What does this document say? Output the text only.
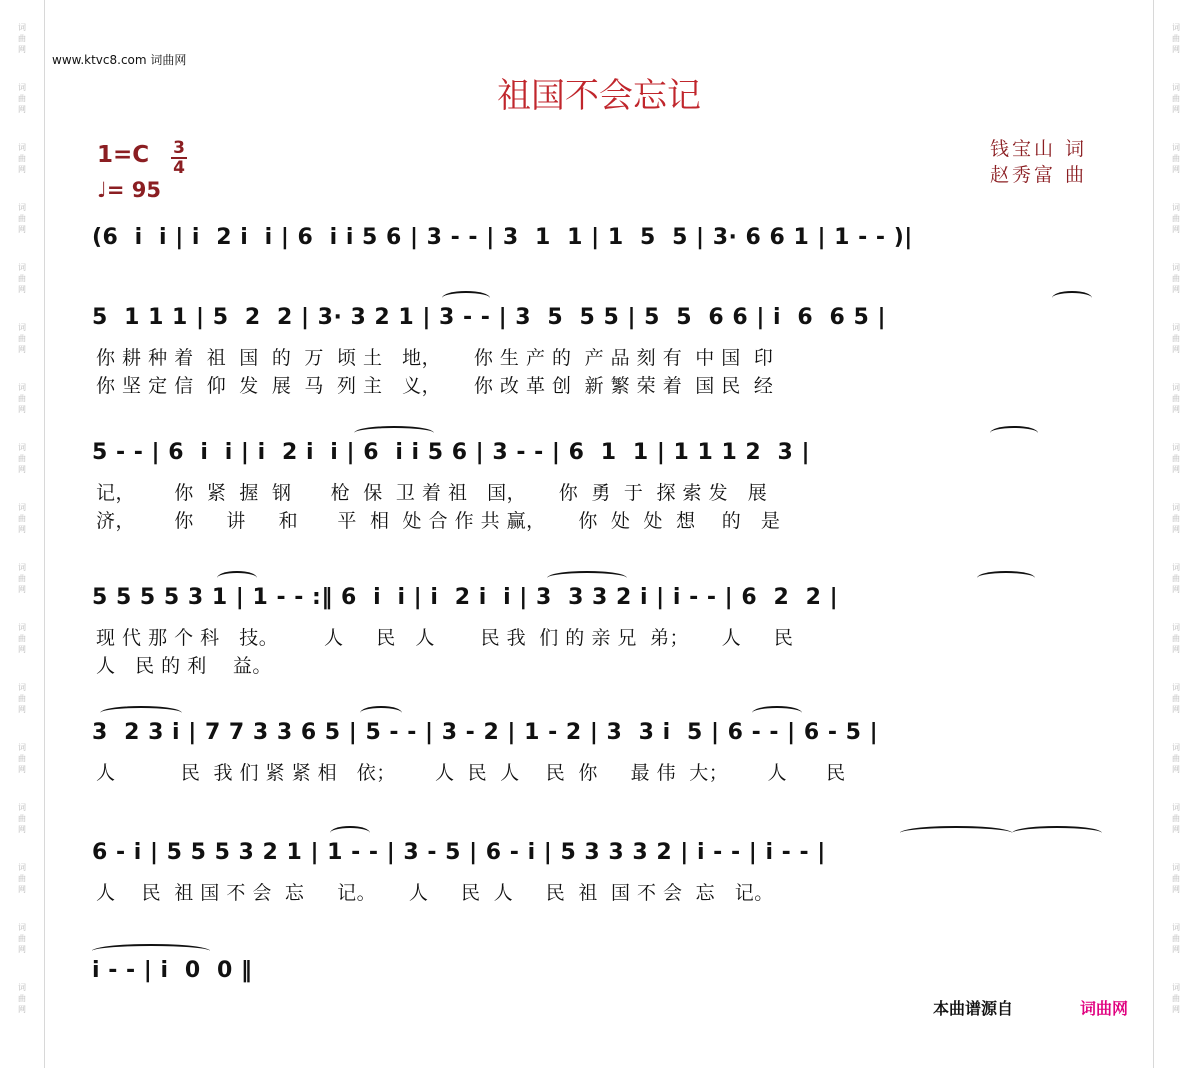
词
曲
网
词
曲
网
词
曲
网
词
曲
网
词
曲
网
词
曲
网
词
曲
网
词
曲
网
词
曲
网
词
曲
网
词
曲
网
词
曲
网
词
曲
网
词
曲
网
词
曲
网
词
曲
网
词
曲
网
词
曲
网
词
曲
网
词
曲
网
词
曲
网
词
曲
网
词
曲
网
词
曲
网
词
曲
网
词
曲
网
词
曲
网
词
曲
网
词
曲
网
词
曲
网
词
曲
网
词
曲
网
词
曲
网
词
曲
网
www.ktvc8.com 词曲网
祖国不会忘记
1=C 3
4
♩= 95
钱宝山 词
赵秀富 曲
(6  i  i | i  2 i  i | 6  i i 5 6 | 3 - - | 3  1  1 | 1  5  5 | 3· 6 6 1 | 1 - - )|
5  1 1 1 | 5  2  2 | 3· 3 2 1 | 3 - - | 3  5  5 5 | 5  5  6 6 | i  6  6 5 |
你 耕 种 着  祖  国  的  万  顷 土   地，     你 生 产 的  产 品 刻 有  中 国  印
你 坚 定 信  仰  发  展  马  列 主   义，     你 改 革 创  新 繁 荣 着  国 民  经
5 - - | 6  i  i | i  2 i  i | 6  i i 5 6 | 3 - - | 6  1  1 | 1 1 1 2  3 |
记，      你  紧  握  钢      枪  保  卫 着 祖   国，     你  勇  于  探 索 发   展
济，      你     讲     和      平  相  处 合 作 共 赢，     你  处  处  想    的   是
5 5 5 5 3 1 | 1 - - :‖ 6  i  i | i  2 i  i | 3  3 3 2 i | i - - | 6  2  2 |
现 代 那 个 科   技。       人     民   人       民 我  们 的 亲 兄  弟；     人     民
人   民 的 利    益。
3  2 3 i | 7 7 3 3 6 5 | 5 - - | 3 - 2 | 1 - 2 | 3  3 i  5 | 6 - - | 6 - 5 |
人          民  我 们 紧 紧 相   依；      人  民  人    民  你     最 伟  大；      人      民
6 - i | 5 5 5 3 2 1 | 1 - - | 3 - 5 | 6 - i | 5 3 3 3 2 | i - - | i - - |
人    民  祖 国 不 会  忘     记。     人     民  人     民  祖  国 不 会  忘   记。
i - - | i  0  0 ‖
本曲谱源自	词曲网
